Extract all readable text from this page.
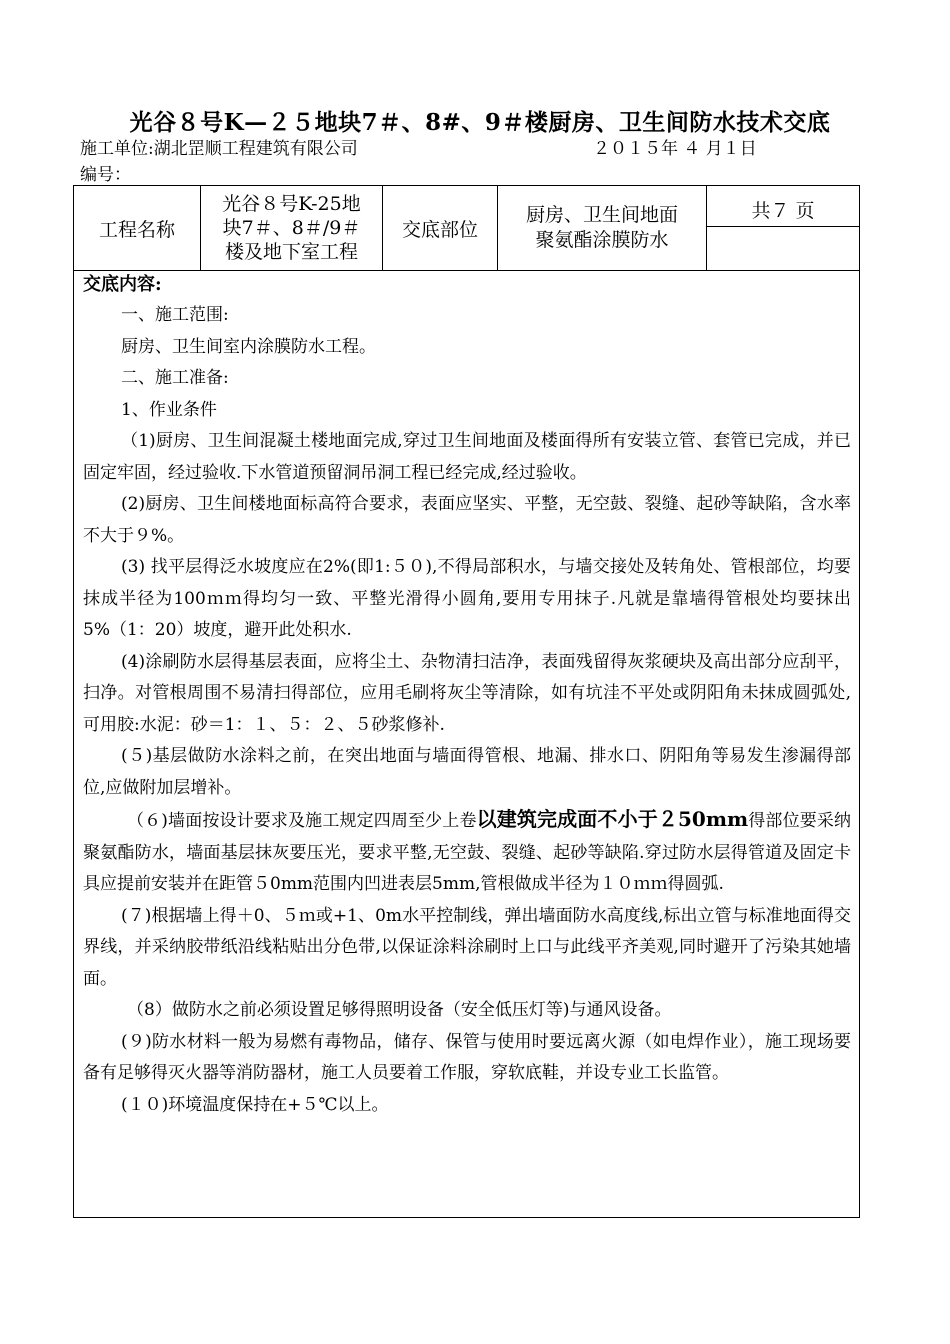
光谷８号K—２５地块7＃、8#、9＃楼厨房、卫生间防水技术交底
施工单位:湖北罡顺工程建筑有限公司	２０１５年 ４ 月１日
编号：
工程名称
光谷８号K-25地
块7＃、8＃/9＃
楼及地下室工程
交底部位
厨房、卫生间地面
聚氨酯涂膜防水
共７ 页
交底内容:

一、施工范围:

厨房、卫生间室内涂膜防水工程。

二、施工准备:

1、作业条件

（1)厨房、卫生间混凝土楼地面完成,穿过卫生间地面及楼面得所有安装立管、套管已完成，并已固定牢固，经过验收.下水管道预留洞吊洞工程已经完成,经过验收。

(2)厨房、卫生间楼地面标高符合要求，表面应坚实、平整，无空鼓、裂缝、起砂等缺陷，含水率不大于９%。

(3) 找平层得泛水坡度应在2%(即1:５０),不得局部积水，与墙交接处及转角处、管根部位，均要抹成半径为100ｍｍ得均匀一致、平整光滑得小圆角,要用专用抹子.凡就是靠墙得管根处均要抹出5%（1：20）坡度，避开此处积水.

(4)涂刷防水层得基层表面，应将尘土、杂物清扫洁净，表面残留得灰浆硬块及高出部分应刮平，扫净。对管根周围不易清扫得部位，应用毛刷将灰尘等清除，如有坑洼不平处或阴阳角未抹成圆弧处,可用胶:水泥：砂＝1：１、５：２、５砂浆修补.

(５)基层做防水涂料之前，在突出地面与墙面得管根、地漏、排水口、阴阳角等易发生渗漏得部位,应做附加层增补。

（６)墙面按设计要求及施工规定四周至少上卷以建筑完成面不小于２50mm得部位要采纳聚氨酯防水，墙面基层抹灰要压光，要求平整,无空鼓、裂缝、起砂等缺陷.穿过防水层得管道及固定卡具应提前安装并在距管５0mm范围内凹进表层5mm,管根做成半径为１０ｍｍ得圆弧.

(７)根据墙上得＋0、５ｍ或+1、0m水平控制线，弹出墙面防水高度线,标出立管与标准地面得交界线，并采纳胶带纸沿线粘贴出分色带,以保证涂料涂刷时上口与此线平齐美观,同时避开了污染其她墙面。

（8）做防水之前必须设置足够得照明设备（安全低压灯等)与通风设备。

(９)防水材料一般为易燃有毒物品，储存、保管与使用时要远离火源（如电焊作业），施工现场要备有足够得灭火器等消防器材，施工人员要着工作服，穿软底鞋，并设专业工长监管。

(１０)环境温度保持在+５℃以上。
